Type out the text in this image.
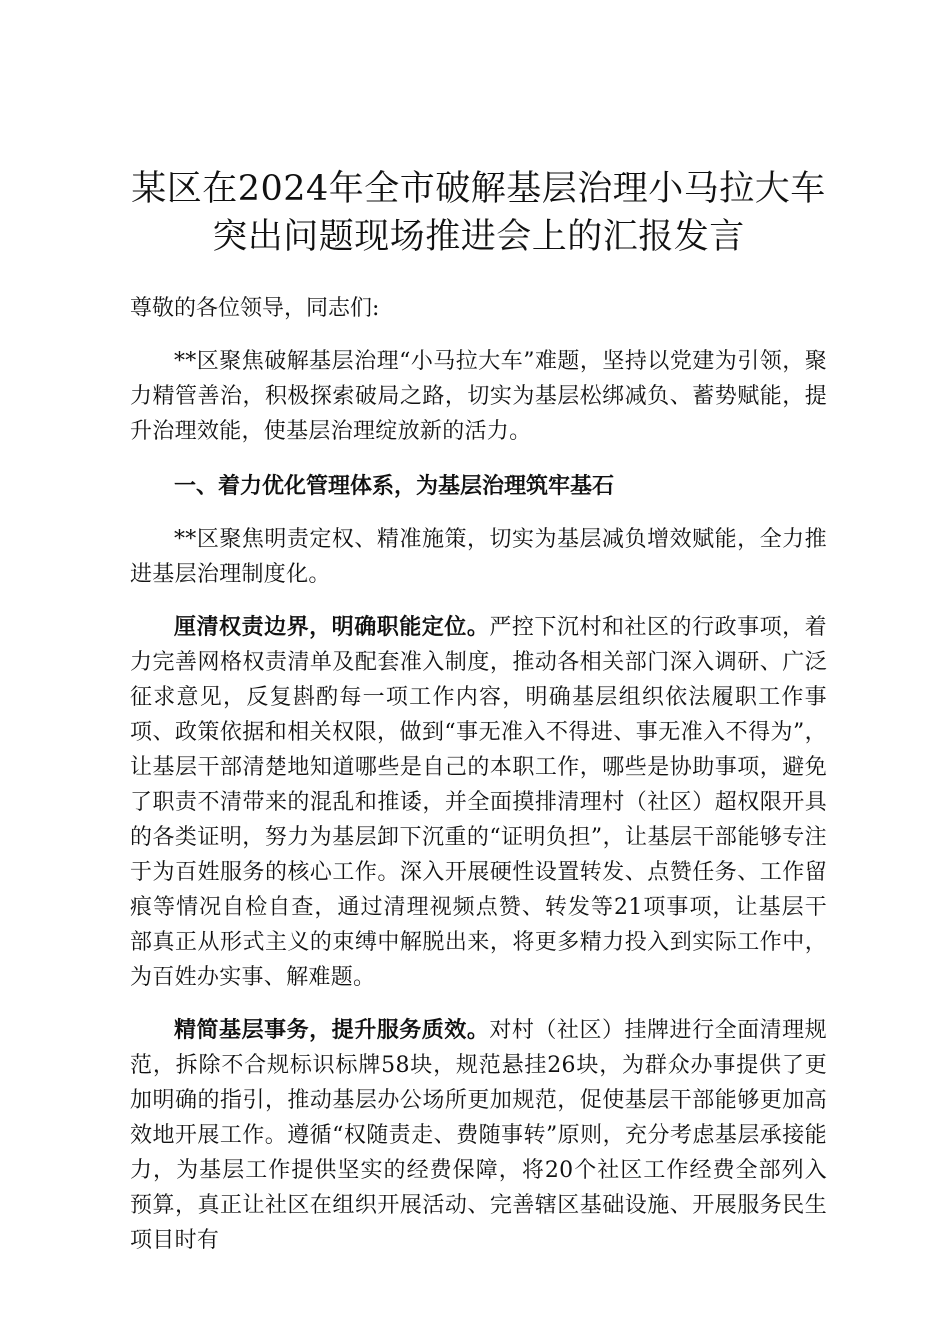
某区在2024年全市破解基层治理小马拉大车
突出问题现场推进会上的汇报发言

尊敬的各位领导，同志们:

**区聚焦破解基层治理“小马拉大车”难题，坚持以党建为引领，聚力精管善治，积极探索破局之路，切实为基层松绑减负、蓄势赋能，提升治理效能，使基层治理绽放新的活力。

一、着力优化管理体系，为基层治理筑牢基石

**区聚焦明责定权、精准施策，切实为基层减负增效赋能，全力推进基层治理制度化。

厘清权责边界，明确职能定位。严控下沉村和社区的行政事项，着力完善网格权责清单及配套准入制度，推动各相关部门深入调研、广泛征求意见，反复斟酌每一项工作内容，明确基层组织依法履职工作事项、政策依据和相关权限，做到“事无准入不得进、事无准入不得为”，让基层干部清楚地知道哪些是自己的本职工作，哪些是协助事项，避免了职责不清带来的混乱和推诿，并全面摸排清理村（社区）超权限开具的各类证明，努力为基层卸下沉重的“证明负担”，让基层干部能够专注于为百姓服务的核心工作。深入开展硬性设置转发、点赞任务、工作留痕等情况自检自查，通过清理视频点赞、转发等21项事项，让基层干部真正从形式主义的束缚中解脱出来，将更多精力投入到实际工作中，为百姓办实事、解难题。

精简基层事务，提升服务质效。对村（社区）挂牌进行全面清理规范，拆除不合规标识标牌58块，规范悬挂26块，为群众办事提供了更加明确的指引，推动基层办公场所更加规范，促使基层干部能够更加高效地开展工作。遵循“权随责走、费随事转”原则，充分考虑基层承接能力，为基层工作提供坚实的经费保障，将20个社区工作经费全部列入预算，真正让社区在组织开展活动、完善辖区基础设施、开展服务民生项目时有
